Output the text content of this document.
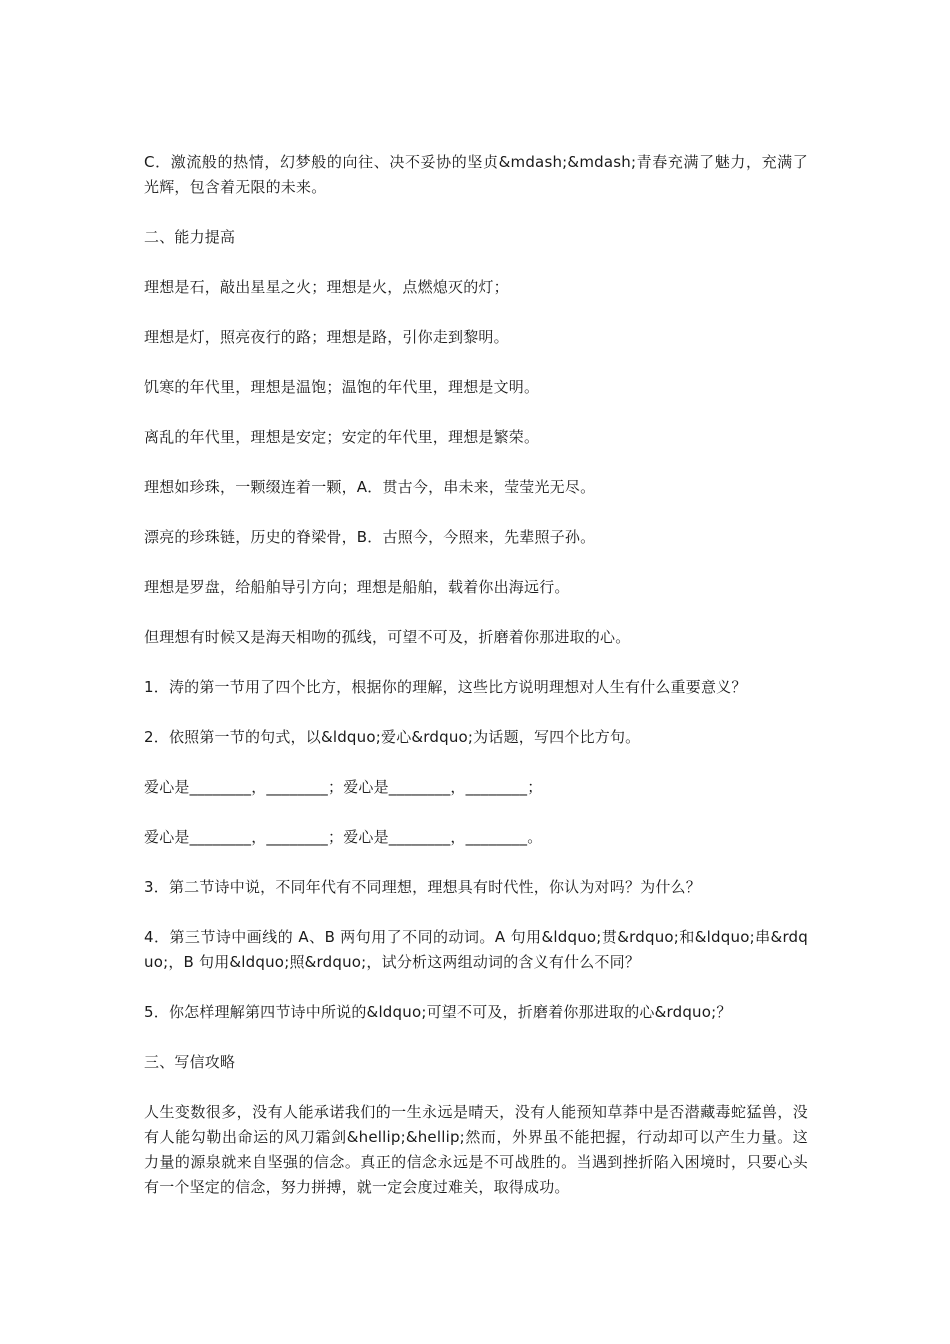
C．激流般的热情，幻梦般的向往、决不妥协的坚贞&mdash;&mdash;青春充满了魅力，充满了光辉，包含着无限的未来。

二、能力提高

理想是石，敲出星星之火；理想是火，点燃熄灭的灯；

理想是灯，照亮夜行的路；理想是路，引你走到黎明。

饥寒的年代里，理想是温饱；温饱的年代里，理想是文明。

离乱的年代里，理想是安定；安定的年代里，理想是繁荣。

理想如珍珠，一颗缀连着一颗，A．贯古今，串未来，莹莹光无尽。

漂亮的珍珠链，历史的脊梁骨，B．古照今，今照来，先辈照子孙。

理想是罗盘，给船舶导引方向；理想是船舶，载着你出海远行。

但理想有时候又是海天相吻的孤线，可望不可及，折磨着你那进取的心。

1．涛的第一节用了四个比方，根据你的理解，这些比方说明理想对人生有什么重要意义？

2．依照第一节的句式，以&ldquo;爱心&rdquo;为话题，写四个比方句。

爱心是________，________；爱心是________，________；

爱心是________，________；爱心是________，________。

3．第二节诗中说，不同年代有不同理想，理想具有时代性，你认为对吗？为什么？

4．第三节诗中画线的 A、B 两句用了不同的动词。A 句用&ldquo;贯&rdquo;和&ldquo;串&rdquo;，B 句用&ldquo;照&rdquo;，试分析这两组动词的含义有什么不同？

5．你怎样理解第四节诗中所说的&ldquo;可望不可及，折磨着你那进取的心&rdquo;？

三、写信攻略

人生变数很多，没有人能承诺我们的一生永远是晴天，没有人能预知草莽中是否潜藏毒蛇猛兽，没有人能勾勒出命运的风刀霜剑&hellip;&hellip;然而，外界虽不能把握，行动却可以产生力量。这力量的源泉就来自坚强的信念。真正的信念永远是不可战胜的。当遇到挫折陷入困境时，只要心头有一个坚定的信念，努力拼搏，就一定会度过难关，取得成功。
